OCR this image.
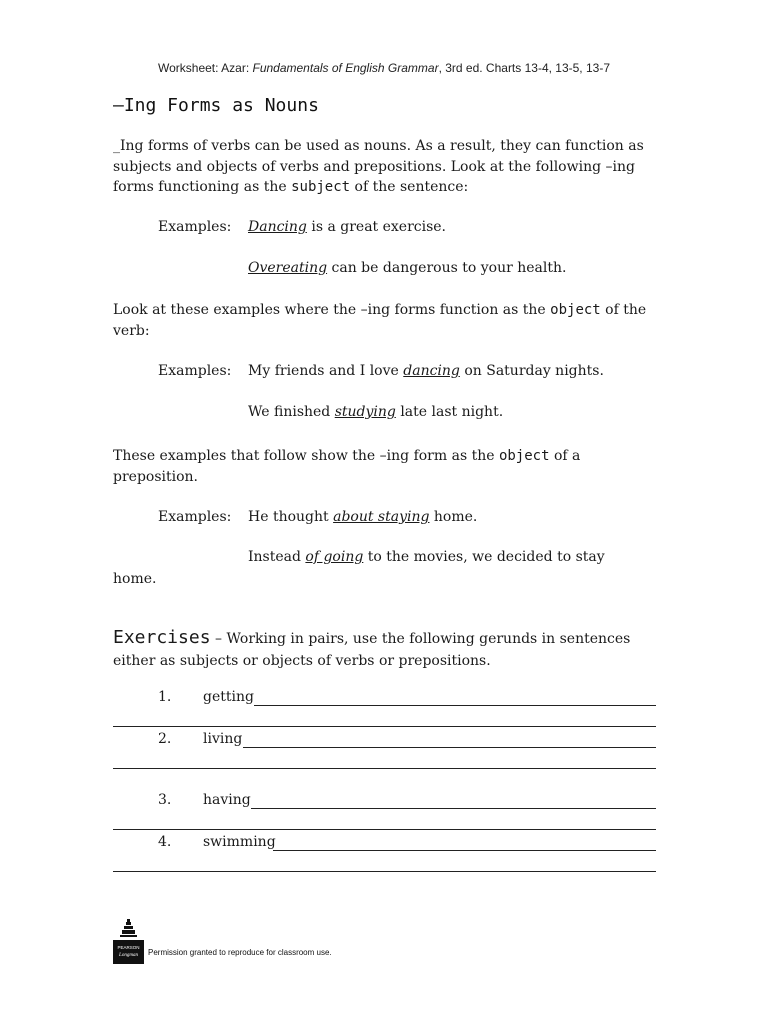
Worksheet: Azar: Fundamentals of English Grammar, 3rd ed. Charts 13-4, 13-5, 13-7
–Ing Forms as Nouns
_Ing forms of verbs can be used as nouns. As a result, they can function as subjects and objects of verbs and prepositions. Look at the following –ing forms functioning as the subject of the sentence:
Examples: Dancing is a great exercise.
Overeating can be dangerous to your health.
Look at these examples where the –ing forms function as the object of the verb:
Examples: My friends and I love dancing on Saturday nights.
We finished studying late last night.
These examples that follow show the –ing form as the object of a preposition.
Examples: He thought about staying home.
Instead of going to the movies, we decided to stay
home.
Exercises – Working in pairs, use the following gerunds in sentences either as subjects or objects of verbs or prepositions.
1. getting
2. living
3. having
4. swimming
PEARSON
Longman Permission granted to reproduce for classroom use.
